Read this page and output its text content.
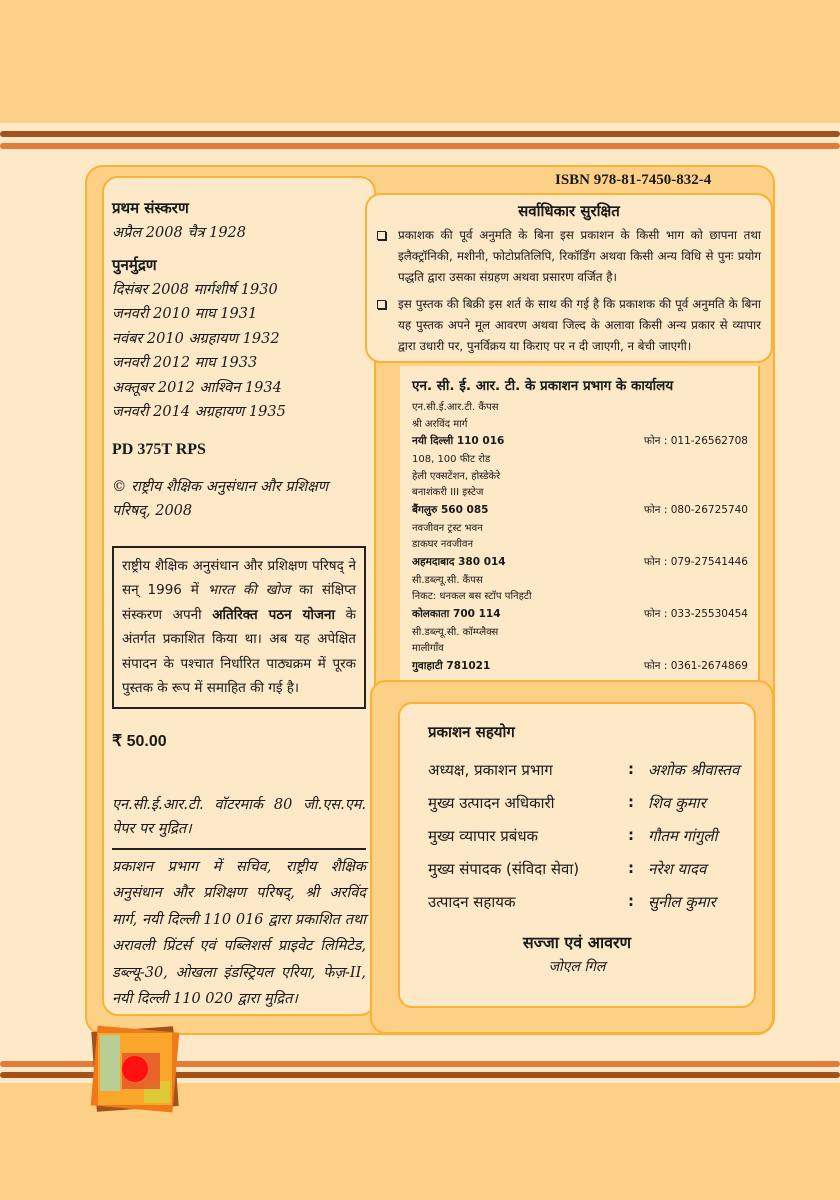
प्रथम संस्करण

अप्रैल 2008 चैत्र 1928

पुनर्मुद्रण

दिसंबर 2008 मार्गशीर्ष 1930

जनवरी 2010 माघ 1931

नवंबर 2010 अग्रहायण 1932

जनवरी 2012 माघ 1933

अक्तूबर 2012 आश्विन 1934

जनवरी 2014 अग्रहायण 1935

PD 375T RPS

© राष्ट्रीय शैक्षिक अनुसंधान और प्रशिक्षण परिषद्, 2008

राष्ट्रीय शैक्षिक अनुसंधान और प्रशिक्षण परिषद् ने सन् 1996 में भारत की खोज का संक्षिप्त संस्करण अपनी अतिरिक्त पठन योजना के अंतर्गत प्रकाशित किया था। अब यह अपेक्षित संपादन के पश्चात निर्धारित पाठ्यक्रम में पूरक पुस्तक के रूप में समाहित की गई है।
₹ 50.00

एन.सी.ई.आर.टी. वॉटरमार्क 80 जी.एस.एम. पेपर पर मुद्रित।

प्रकाशन प्रभाग में सचिव, राष्ट्रीय शैक्षिक अनुसंधान और प्रशिक्षण परिषद्, श्री अरविंद मार्ग, नयी दिल्ली 110 016 द्वारा प्रकाशित तथा अरावली प्रिंटर्स एवं पब्लिशर्स प्राइवेट लिमिटेड, डब्ल्यू-30, ओखला इंडस्ट्रियल एरिया, फेज़-II, नयी दिल्ली 110 020 द्वारा मुद्रित।

ISBN 978-81-7450-832-4
सर्वाधिकार सुरक्षित
प्रकाशक की पूर्व अनुमति के बिना इस प्रकाशन के किसी भाग को छापना तथा इलैक्ट्रॉनिकी, मशीनी, फोटोप्रतिलिपि, रिकॉर्डिंग अथवा किसी अन्य विधि से पुनः प्रयोग पद्धति द्वारा उसका संग्रहण अथवा प्रसारण वर्जित है।
इस पुस्तक की बिक्री इस शर्त के साथ की गई है कि प्रकाशक की पूर्व अनुमति के बिना यह पुस्तक अपने मूल आवरण अथवा जिल्द के अलावा किसी अन्य प्रकार से व्यापार द्वारा उधारी पर, पुनर्विक्रय या किराए पर न दी जाएगी, न बेची जाएगी।
एन. सी. ई. आर. टी. के प्रकाशन प्रभाग के कार्यालय
एन.सी.ई.आर.टी. कैंपस
श्री अरविंद मार्ग
नयी दिल्ली 110 016	फोन : 011-26562708
108, 100 फीट रोड
हेली एक्सटेंशन, होस्डेकेरे
बनाशंकरी III इस्टेज
बैंगलुरु 560 085	फोन : 080-26725740
नवजीवन ट्रस्ट भवन
डाकघर नवजीवन
अहमदाबाद 380 014	फोन : 079-27541446
सी.डब्ल्यू.सी. कैंपस
निकट: धनकल बस स्टॉप पनिहटी
कोलकाता 700 114	फोन : 033-25530454
सी.डब्ल्यू.सी. कॉम्प्लैक्स
मालीगाँव
गुवाहाटी 781021	फोन : 0361-2674869
प्रकाशन सहयोग
अध्यक्ष, प्रकाशन प्रभाग	: अशोक श्रीवास्तव
मुख्य उत्पादन अधिकारी	: शिव कुमार
मुख्य व्यापार प्रबंधक	: गौतम गांगुली
मुख्य संपादक (संविदा सेवा)	: नरेश यादव
उत्पादन सहायक	: सुनील कुमार
सज्जा एवं आवरण
जोएल गिल
